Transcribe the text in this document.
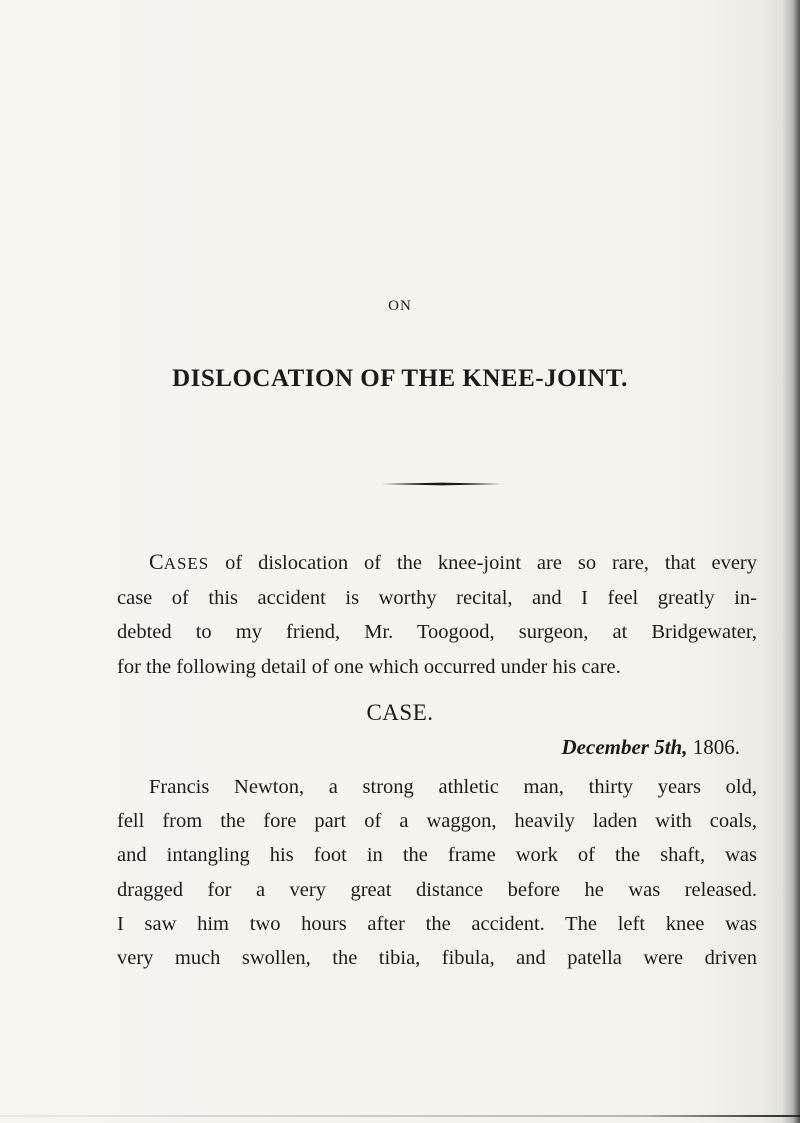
ON
DISLOCATION OF THE KNEE-JOINT.
CASES of dislocation of the knee-joint are so rare, that every
case of this accident is worthy recital, and I feel greatly in-
debted to my friend, Mr. Toogood, surgeon, at Bridgewater,
for the following detail of one which occurred under his care.
CASE.
December 5th, 1806.
Francis Newton, a strong athletic man, thirty years old,
fell from the fore part of a waggon, heavily laden with coals,
and intangling his foot in the frame work of the shaft, was
dragged for a very great distance before he was released.
I saw him two hours after the accident. The left knee was
very much swollen, the tibia, fibula, and patella were driven
